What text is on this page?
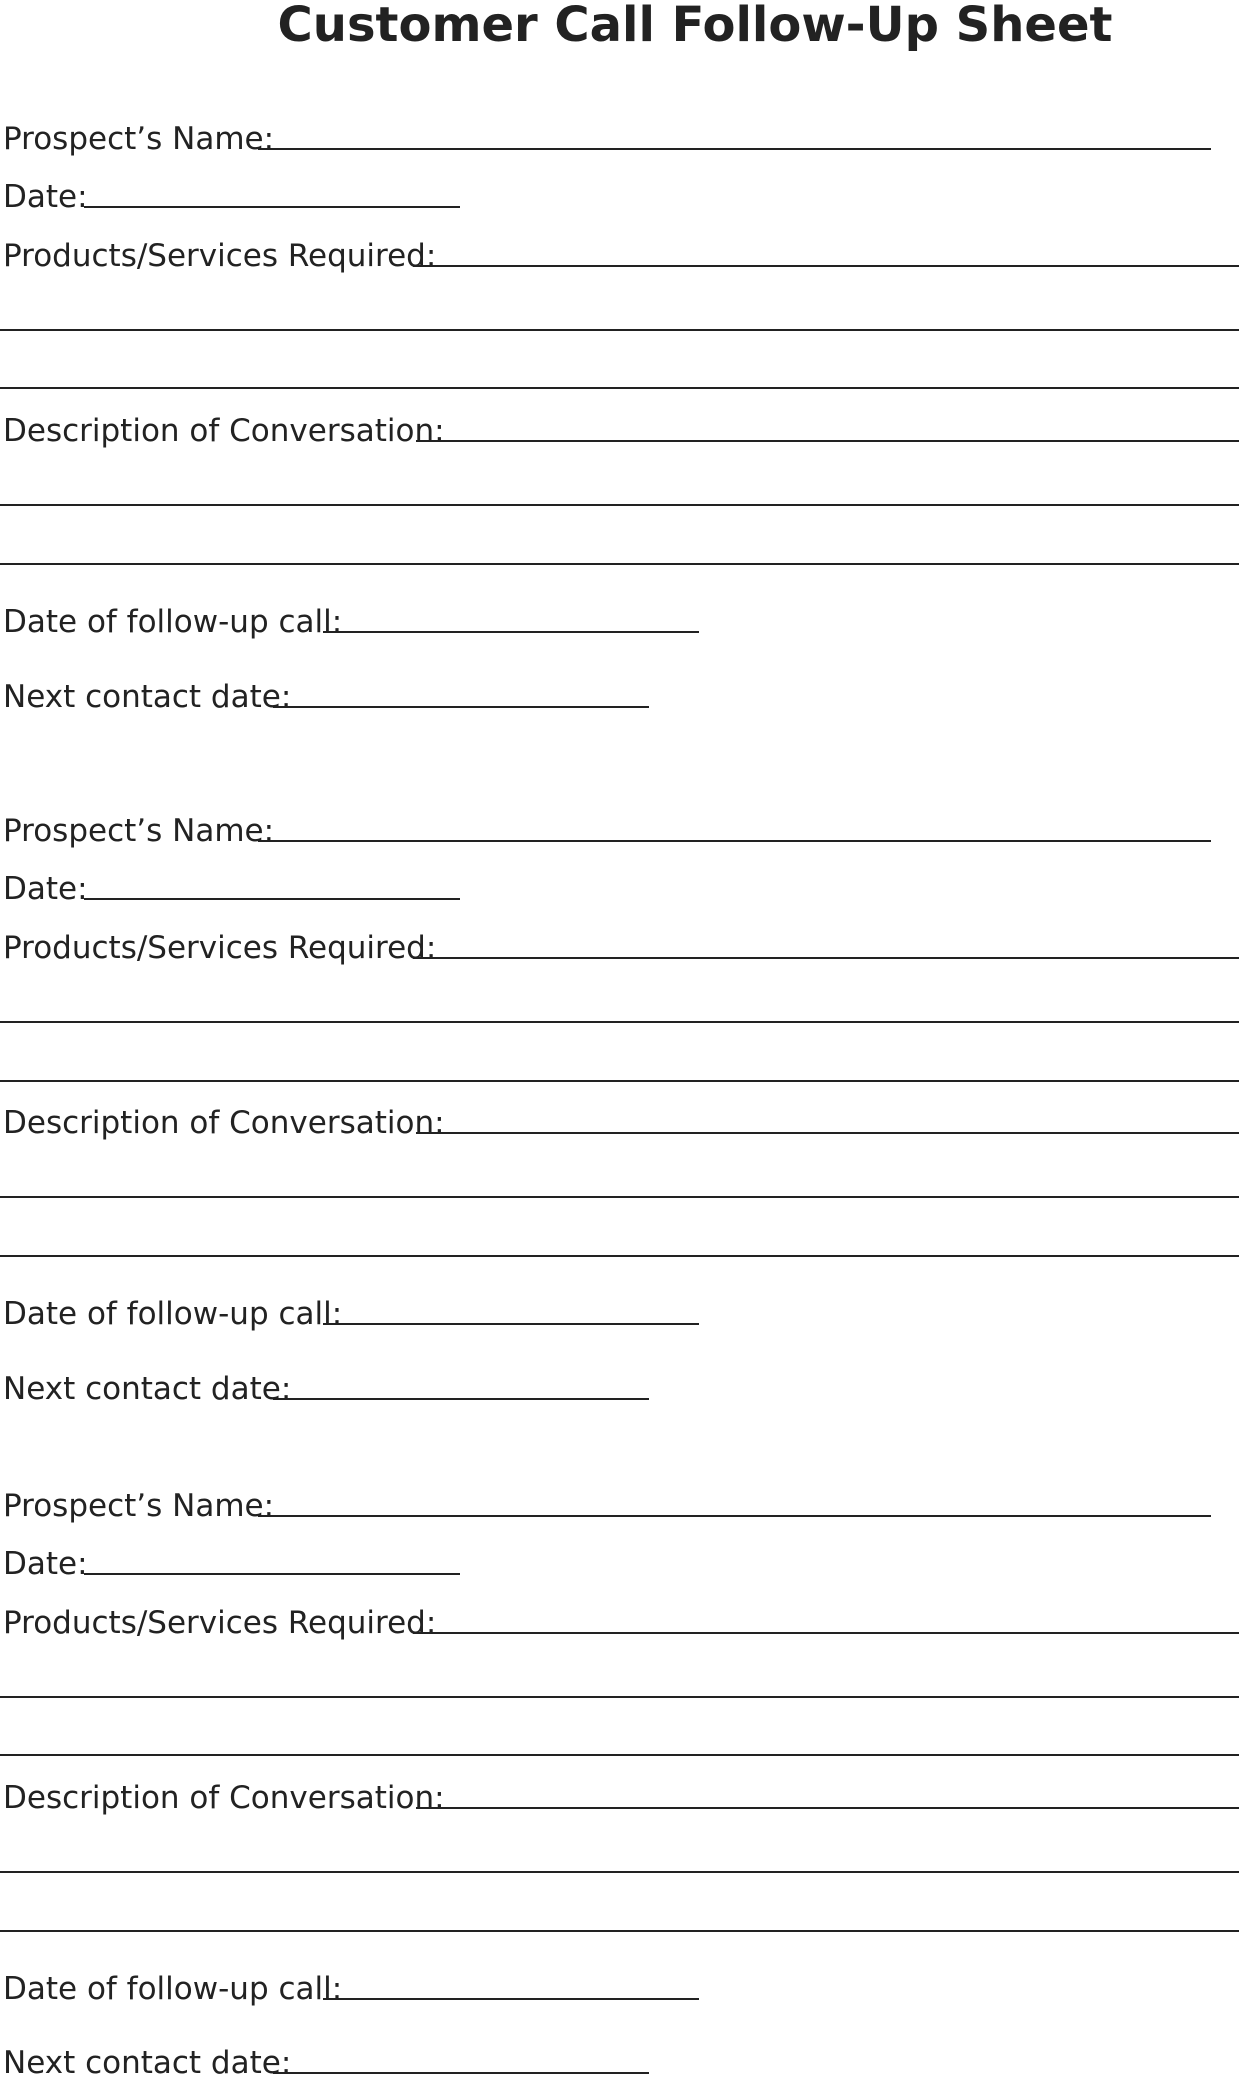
Customer Call Follow-Up Sheet
Prospect’s Name:
Date:
Products/Services Required:
Description of Conversation:
Date of follow-up call:
Next contact date:
Prospect’s Name:
Date:
Products/Services Required:
Description of Conversation:
Date of follow-up call:
Next contact date:
Prospect’s Name:
Date:
Products/Services Required:
Description of Conversation:
Date of follow-up call:
Next contact date:
